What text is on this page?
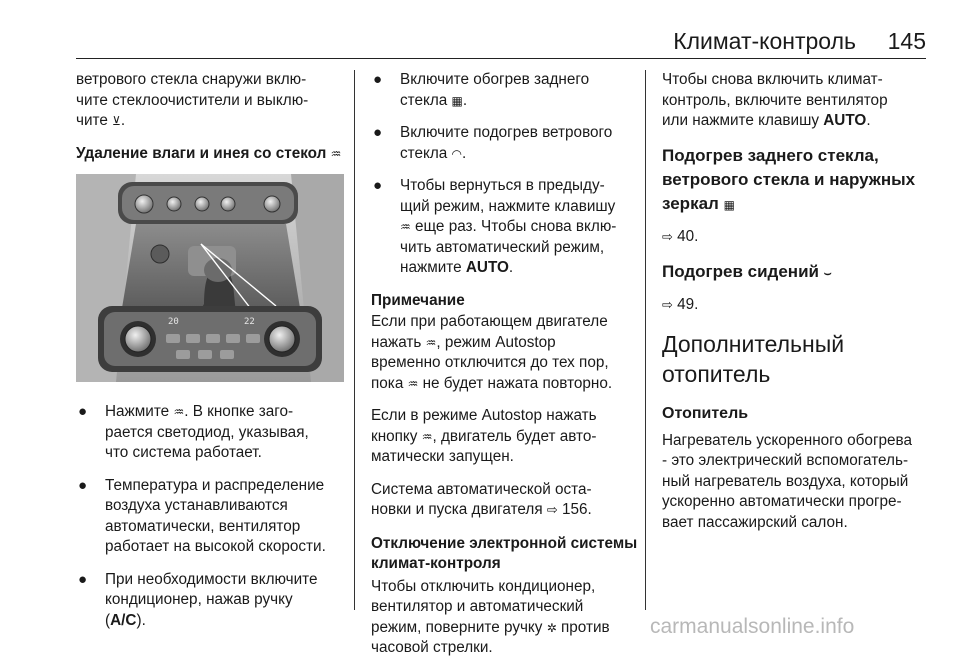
Климат-контроль 145

ветрового стекла снаружи вклю-
чите стеклоочистители и выклю-
чите ⊻.

Удаление влаги и инея со стекол ♒

20	22
● Нажмите ♒. В кнопке заго-
рается светодиод, указывая,
что система работает.
● Температура и распределение
воздуха устанавливаются
автоматически, вентилятор
работает на высокой скорости.
● При необходимости включите
кондиционер, нажав ручку
(A/C).
● Включите обогрев заднего
стекла ▦.
● Включите подогрев ветрового
стекла ◠.
● Чтобы вернуться в предыду-
щий режим, нажмите клавишу
♒ еще раз. Чтобы снова вклю-
чить автоматический режим,
нажмите AUTO.
Примечание

Если при работающем двигателе
нажать ♒, режим Autostop
временно отключится до тех пор,
пока ♒ не будет нажата повторно.

Если в режиме Autostop нажать
кнопку ♒, двигатель будет авто-
матически запущен.

Система автоматической оста-
новки и пуска двигателя ⇨ 156.

Отключение электронной системы
климат-контроля

Чтобы отключить кондиционер,
вентилятор и автоматический
режим, поверните ручку ✲ против
часовой стрелки.

Чтобы снова включить климат-
контроль, включите вентилятор
или нажмите клавишу AUTO.

Подогрев заднего стекла,
ветрового стекла и наружных
зеркал ▦

⇨ 40.

Подогрев сидений ⌣

⇨ 49.

Дополнительный
отопитель

Отопитель

Нагреватель ускоренного обогрева
- это электрический вспомогатель-
ный нагреватель воздуха, который
ускоренно автоматически прогре-
вает пассажирский салон.

carmanualsonline.info
